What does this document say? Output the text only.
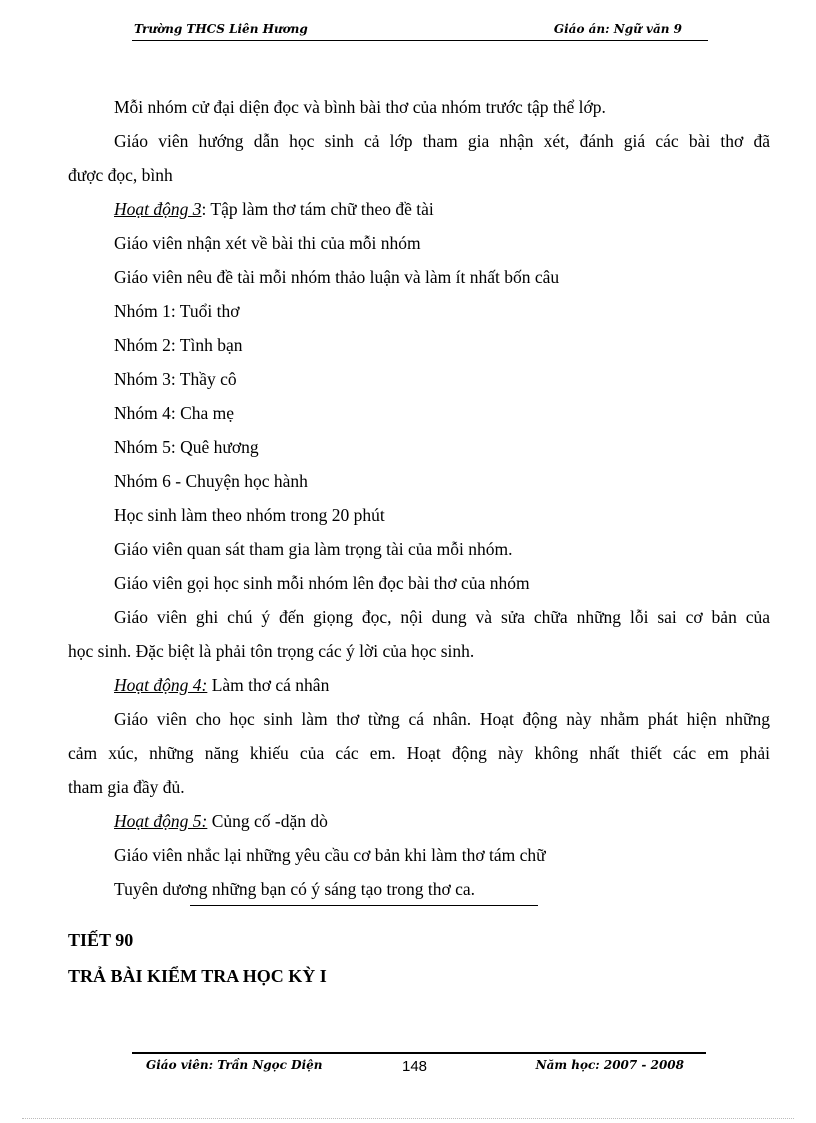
Trường THCS Liên Hương	Giáo án: Ngữ văn 9
Mỗi nhóm cử đại diện đọc và bình bài thơ của nhóm trước tập thể lớp.
Giáo viên hướng dẫn học sinh cả lớp tham gia nhận xét, đánh giá các bài thơ đã
được đọc, bình
Hoạt động 3: Tập làm thơ tám chữ theo đề tài
Giáo viên nhận xét về bài thi của mỗi nhóm
Giáo viên nêu đề tài mỗi nhóm thảo luận và làm ít nhất bốn câu
Nhóm 1: Tuổi thơ
Nhóm 2: Tình bạn
Nhóm 3: Thầy cô
Nhóm 4: Cha mẹ
Nhóm 5: Quê hương
Nhóm 6 - Chuyện học hành
Học sinh làm theo nhóm trong 20 phút
Giáo viên quan sát tham gia làm trọng tài của mỗi nhóm.
Giáo viên gọi học sinh mỗi nhóm lên đọc bài thơ của nhóm
Giáo viên ghi chú ý đến giọng đọc, nội dung và sửa chữa những lỗi sai cơ bản của
học sinh. Đặc biệt là phải tôn trọng các ý lời của học sinh.
Hoạt động 4: Làm thơ cá nhân
Giáo viên cho học sinh làm thơ từng cá nhân. Hoạt động này nhằm phát hiện những
cảm xúc, những năng khiếu của các em. Hoạt động này không nhất thiết các em phải
tham gia đầy đủ.
Hoạt động 5: Củng cố -dặn dò
Giáo viên nhắc lại những yêu cầu cơ bản khi làm thơ tám chữ
Tuyên dương những bạn có ý sáng tạo trong thơ ca.
TIẾT 90
TRẢ BÀI KIỂM TRA HỌC KỲ I
Giáo viên: Trần Ngọc Diện	148	Năm học: 2007 - 2008
